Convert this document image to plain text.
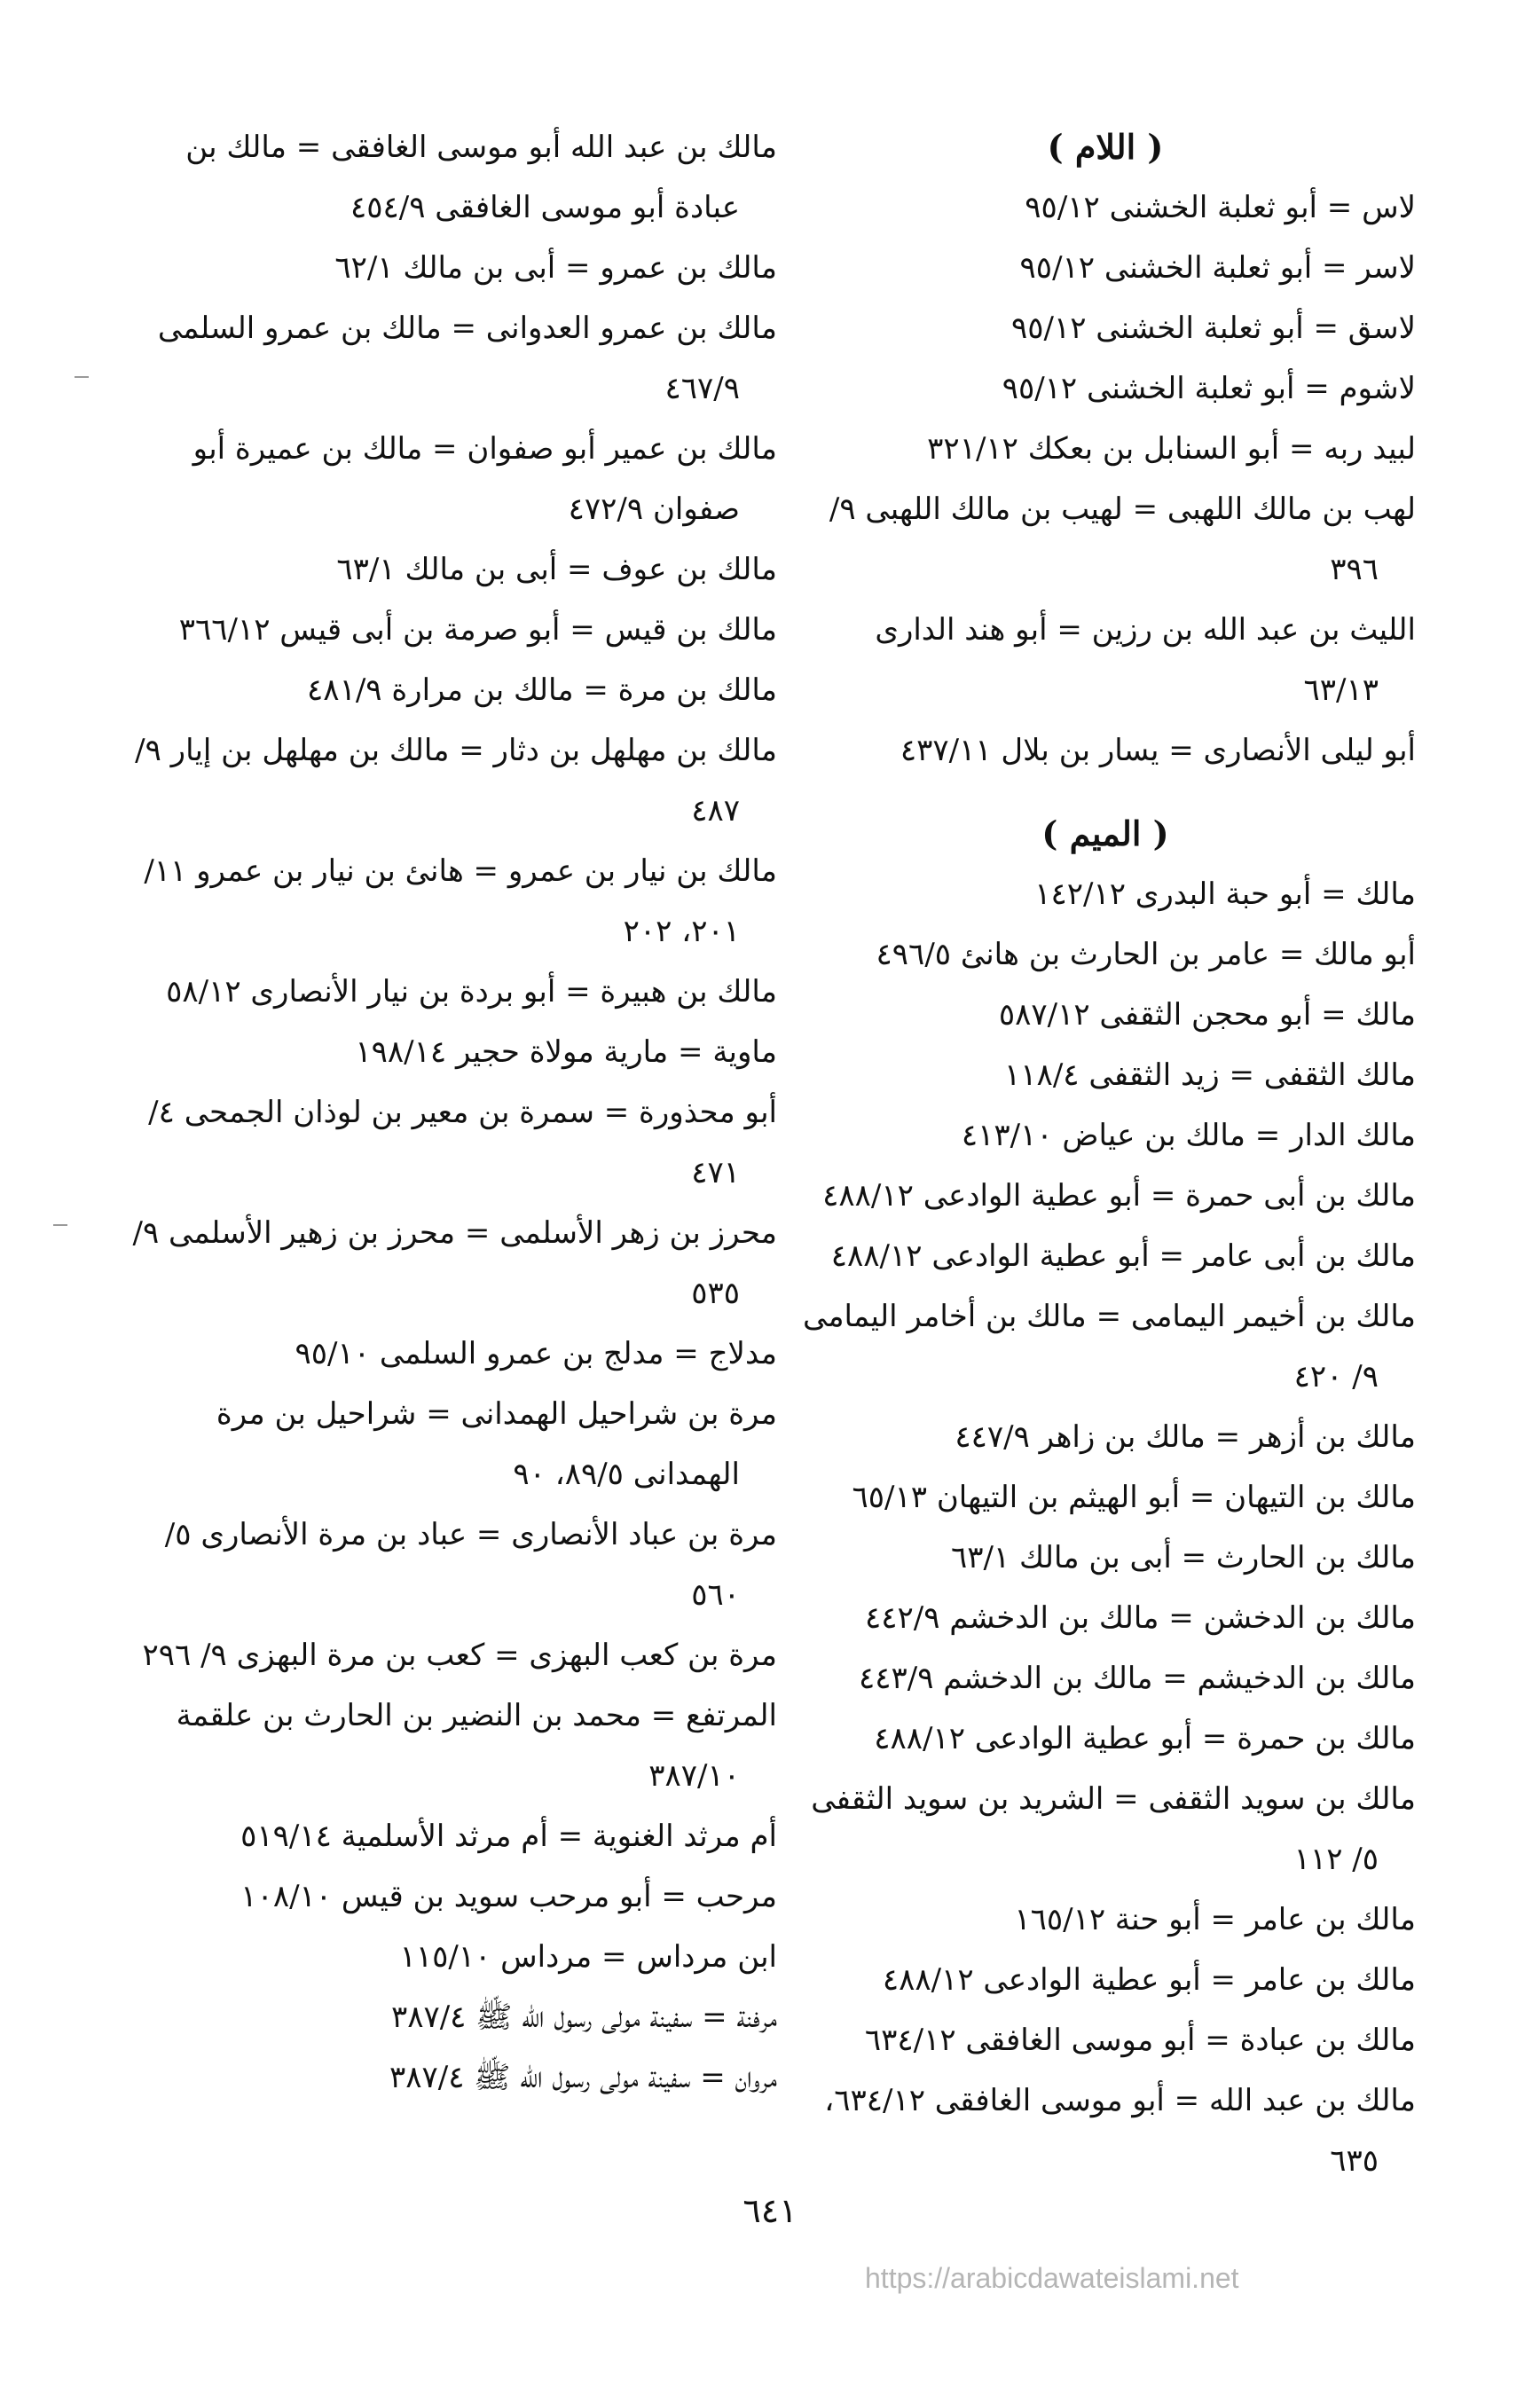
( اللام )

لاس = أبو ثعلبة الخشنى ٩٥/١٢

لاسر = أبو ثعلبة الخشنى ٩٥/١٢

لاسق = أبو ثعلبة الخشنى ٩٥/١٢

لاشوم = أبو ثعلبة الخشنى ٩٥/١٢

لبيد ربه = أبو السنابل بن بعكك ٣٢١/١٢

لهب بن مالك اللهبى = لهيب بن مالك اللهبى ٩/ ٣٩٦

الليث بن عبد الله بن رزين = أبو هند الدارى ٦٣/١٣

أبو ليلى الأنصارى = يسار بن بلال ٤٣٧/١١

( الميم )

مالك = أبو حبة البدرى ١٤٢/١٢

أبو مالك = عامر بن الحارث بن هانئ ٤٩٦/٥

مالك = أبو محجن الثقفى ٥٨٧/١٢

مالك الثقفى = زيد الثقفى ١١٨/٤

مالك الدار = مالك بن عياض ٤١٣/١٠

مالك بن أبى حمرة = أبو عطية الوادعى ٤٨٨/١٢

مالك بن أبى عامر = أبو عطية الوادعى ٤٨٨/١٢

مالك بن أخيمر اليمامى = مالك بن أخامر اليمامى ٩/ ٤٢٠

مالك بن أزهر = مالك بن زاهر ٤٤٧/٩

مالك بن التيهان = أبو الهيثم بن التيهان ٦٥/١٣

مالك بن الحارث = أبى بن مالك ٦٣/١

مالك بن الدخشن = مالك بن الدخشم ٤٤٢/٩

مالك بن الدخيشم = مالك بن الدخشم ٤٤٣/٩

مالك بن حمرة = أبو عطية الوادعى ٤٨٨/١٢

مالك بن سويد الثقفى = الشريد بن سويد الثقفى ٥/ ١١٢

مالك بن عامر = أبو حنة ١٦٥/١٢

مالك بن عامر = أبو عطية الوادعى ٤٨٨/١٢

مالك بن عبادة = أبو موسى الغافقى ٦٣٤/١٢

مالك بن عبد الله = أبو موسى الغافقى ٦٣٤/١٢، ٦٣٥

مالك بن عبد الله أبو موسى الغافقى = مالك بن عبادة أبو موسى الغافقى ٤٥٤/٩

مالك بن عمرو = أبى بن مالك ٦٢/١

مالك بن عمرو العدوانى = مالك بن عمرو السلمى ٤٦٧/٩

مالك بن عمير أبو صفوان = مالك بن عميرة أبو صفوان ٤٧٢/٩

مالك بن عوف = أبى بن مالك ٦٣/١

مالك بن قيس = أبو صرمة بن أبى قيس ٣٦٦/١٢

مالك بن مرة = مالك بن مرارة ٤٨١/٩

مالك بن مهلهل بن دثار = مالك بن مهلهل بن إيار ٩/ ٤٨٧

مالك بن نيار بن عمرو = هانئ بن نيار بن عمرو ١١/ ٢٠١، ٢٠٢

مالك بن هبيرة = أبو بردة بن نيار الأنصارى ٥٨/١٢

ماوية = مارية مولاة حجير ١٩٨/١٤

أبو محذورة = سمرة بن معير بن لوذان الجمحى ٤/ ٤٧١

محرز بن زهر الأسلمى = محرز بن زهير الأسلمى ٩/ ٥٣٥

مدلاج = مدلج بن عمرو السلمى ٩٥/١٠

مرة بن شراحيل الهمدانى = شراحيل بن مرة الهمدانى ٨٩/٥، ٩٠

مرة بن عباد الأنصارى = عباد بن مرة الأنصارى ٥/ ٥٦٠

مرة بن كعب البهزى = كعب بن مرة البهزى ٩/ ٢٩٦

المرتفع = محمد بن النضير بن الحارث بن علقمة ٣٨٧/١٠

أم مرثد الغنوية = أم مرثد الأسلمية ٥١٩/١٤

مرحب = أبو مرحب سويد بن قيس ١٠٨/١٠

ابن مرداس = مرداس ١١٥/١٠

مرفنة = سفينة مولى رسول الله ﷺ ٣٨٧/٤

مروان = سفينة مولى رسول الله ﷺ ٣٨٧/٤

٦٤١
https://arabicdawateislami.net
